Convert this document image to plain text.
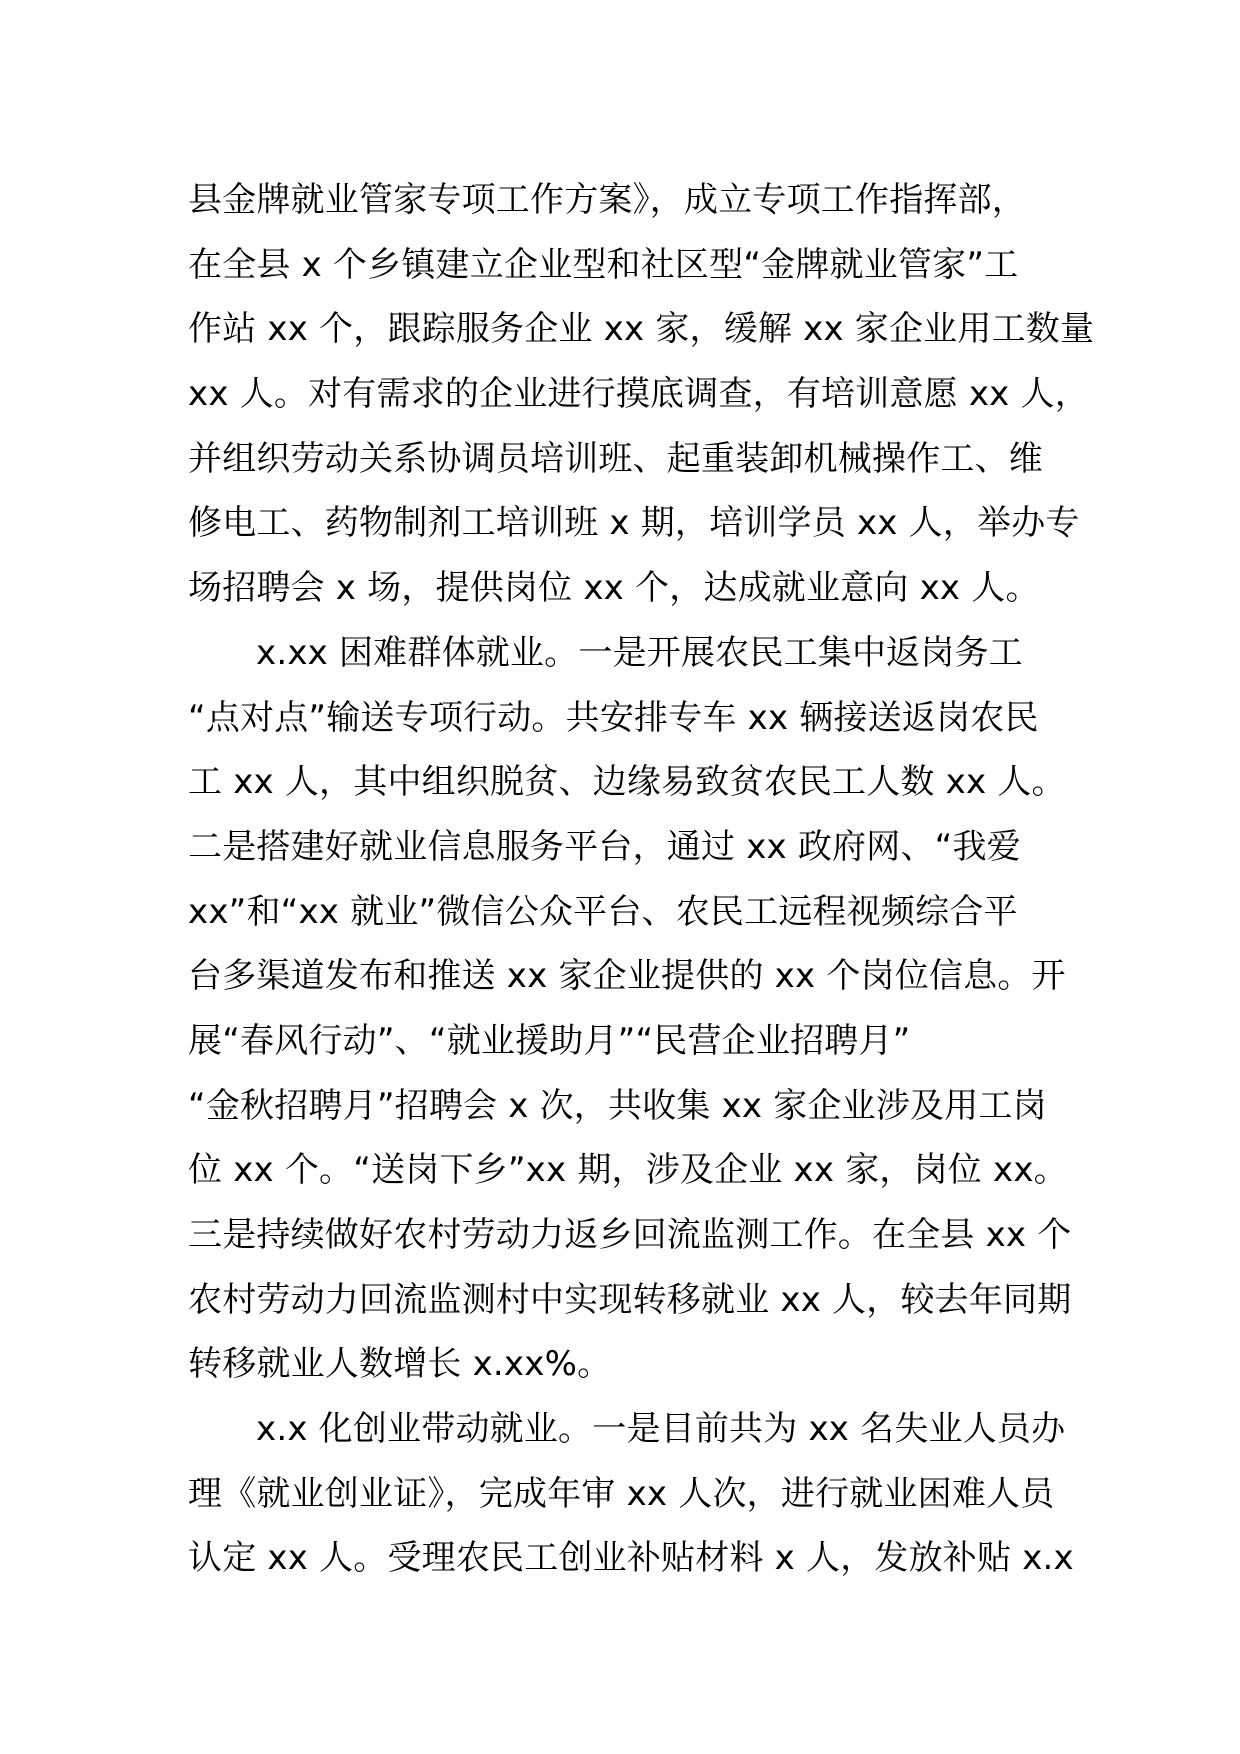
县金牌就业管家专项工作方案》，成立专项工作指挥部，
在全县 x 个乡镇建立企业型和社区型“金牌就业管家”工
作站 xx 个，跟踪服务企业 xx 家，缓解 xx 家企业用工数量
xx 人。对有需求的企业进行摸底调查，有培训意愿 xx 人，
并组织劳动关系协调员培训班、起重装卸机械操作工、维
修电工、药物制剂工培训班 x 期，培训学员 xx 人，举办专
场招聘会 x 场，提供岗位 xx 个，达成就业意向 xx 人。
x.xx 困难群体就业。一是开展农民工集中返岗务工
“点对点”输送专项行动。共安排专车 xx 辆接送返岗农民
工 xx 人，其中组织脱贫、边缘易致贫农民工人数 xx 人。
二是搭建好就业信息服务平台，通过 xx 政府网、“我爱
xx”和“xx 就业”微信公众平台、农民工远程视频综合平
台多渠道发布和推送 xx 家企业提供的 xx 个岗位信息。开
展“春风行动”、“就业援助月”“民营企业招聘月”
“金秋招聘月”招聘会 x 次，共收集 xx 家企业涉及用工岗
位 xx 个。“送岗下乡”xx 期，涉及企业 xx 家，岗位 xx。
三是持续做好农村劳动力返乡回流监测工作。在全县 xx 个
农村劳动力回流监测村中实现转移就业 xx 人，较去年同期
转移就业人数增长 x.xx%。
x.x 化创业带动就业。一是目前共为 xx 名失业人员办
理《就业创业证》，完成年审 xx 人次，进行就业困难人员
认定 xx 人。受理农民工创业补贴材料 x 人，发放补贴 x.x
